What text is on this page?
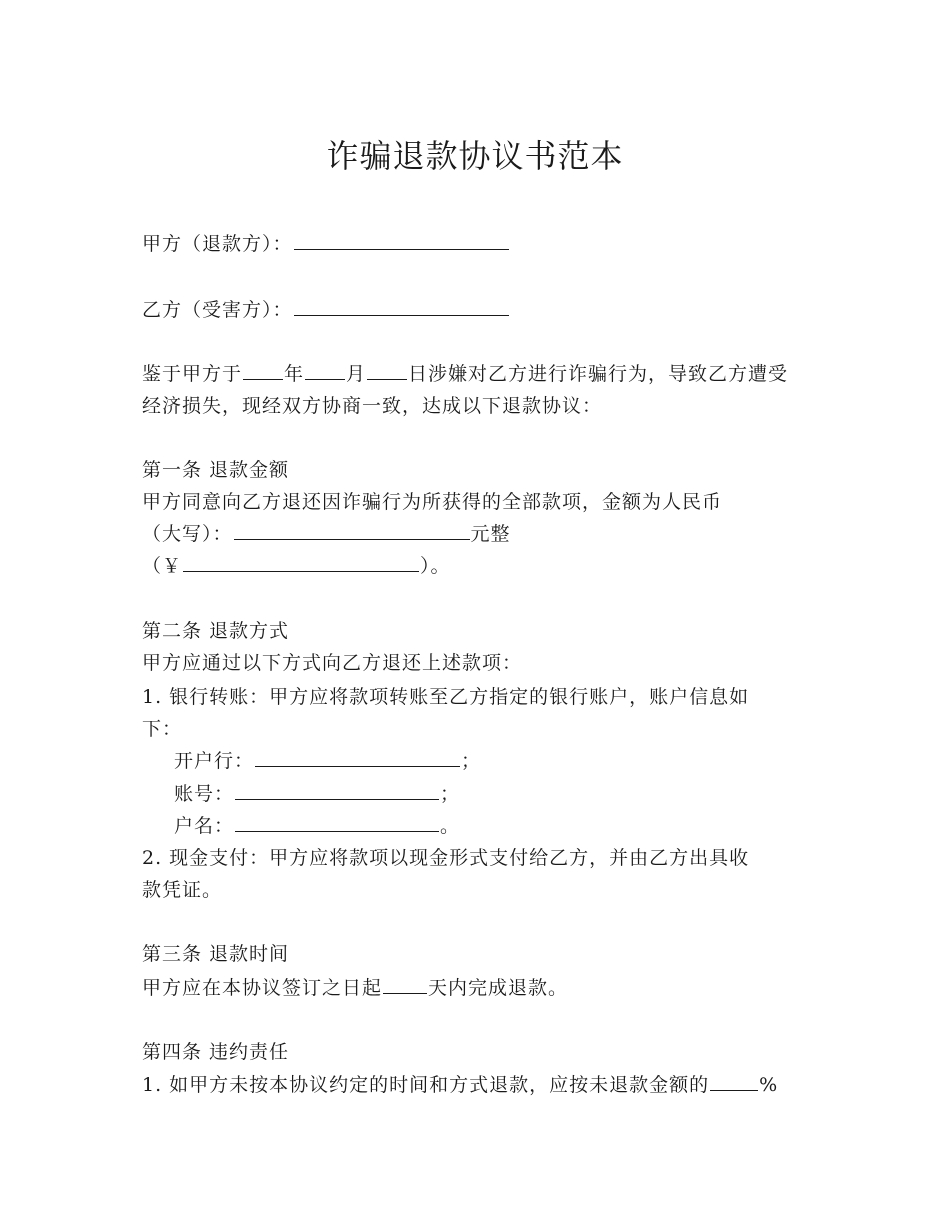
诈骗退款协议书范本

甲方（退款方）：

乙方（受害方）：

鉴于甲方于 年 月 日涉嫌对乙方进行诈骗行为，导致乙方遭受

经济损失，现经双方协商一致，达成以下退款协议：

第一条 退款金额

甲方同意向乙方退还因诈骗行为所获得的全部款项，金额为人民币

（大写）：	元整

（￥	）。

第二条 退款方式

甲方应通过以下方式向乙方退还上述款项：

1. 银行转账：甲方应将款项转账至乙方指定的银行账户，账户信息如

下：

开户行：	；

账号：	；

户名：	。

2. 现金支付：甲方应将款项以现金形式支付给乙方，并由乙方出具收

款凭证。

第三条 退款时间

甲方应在本协议签订之日起 天内完成退款。

第四条 违约责任

1. 如甲方未按本协议约定的时间和方式退款，应按未退款金额的	%
